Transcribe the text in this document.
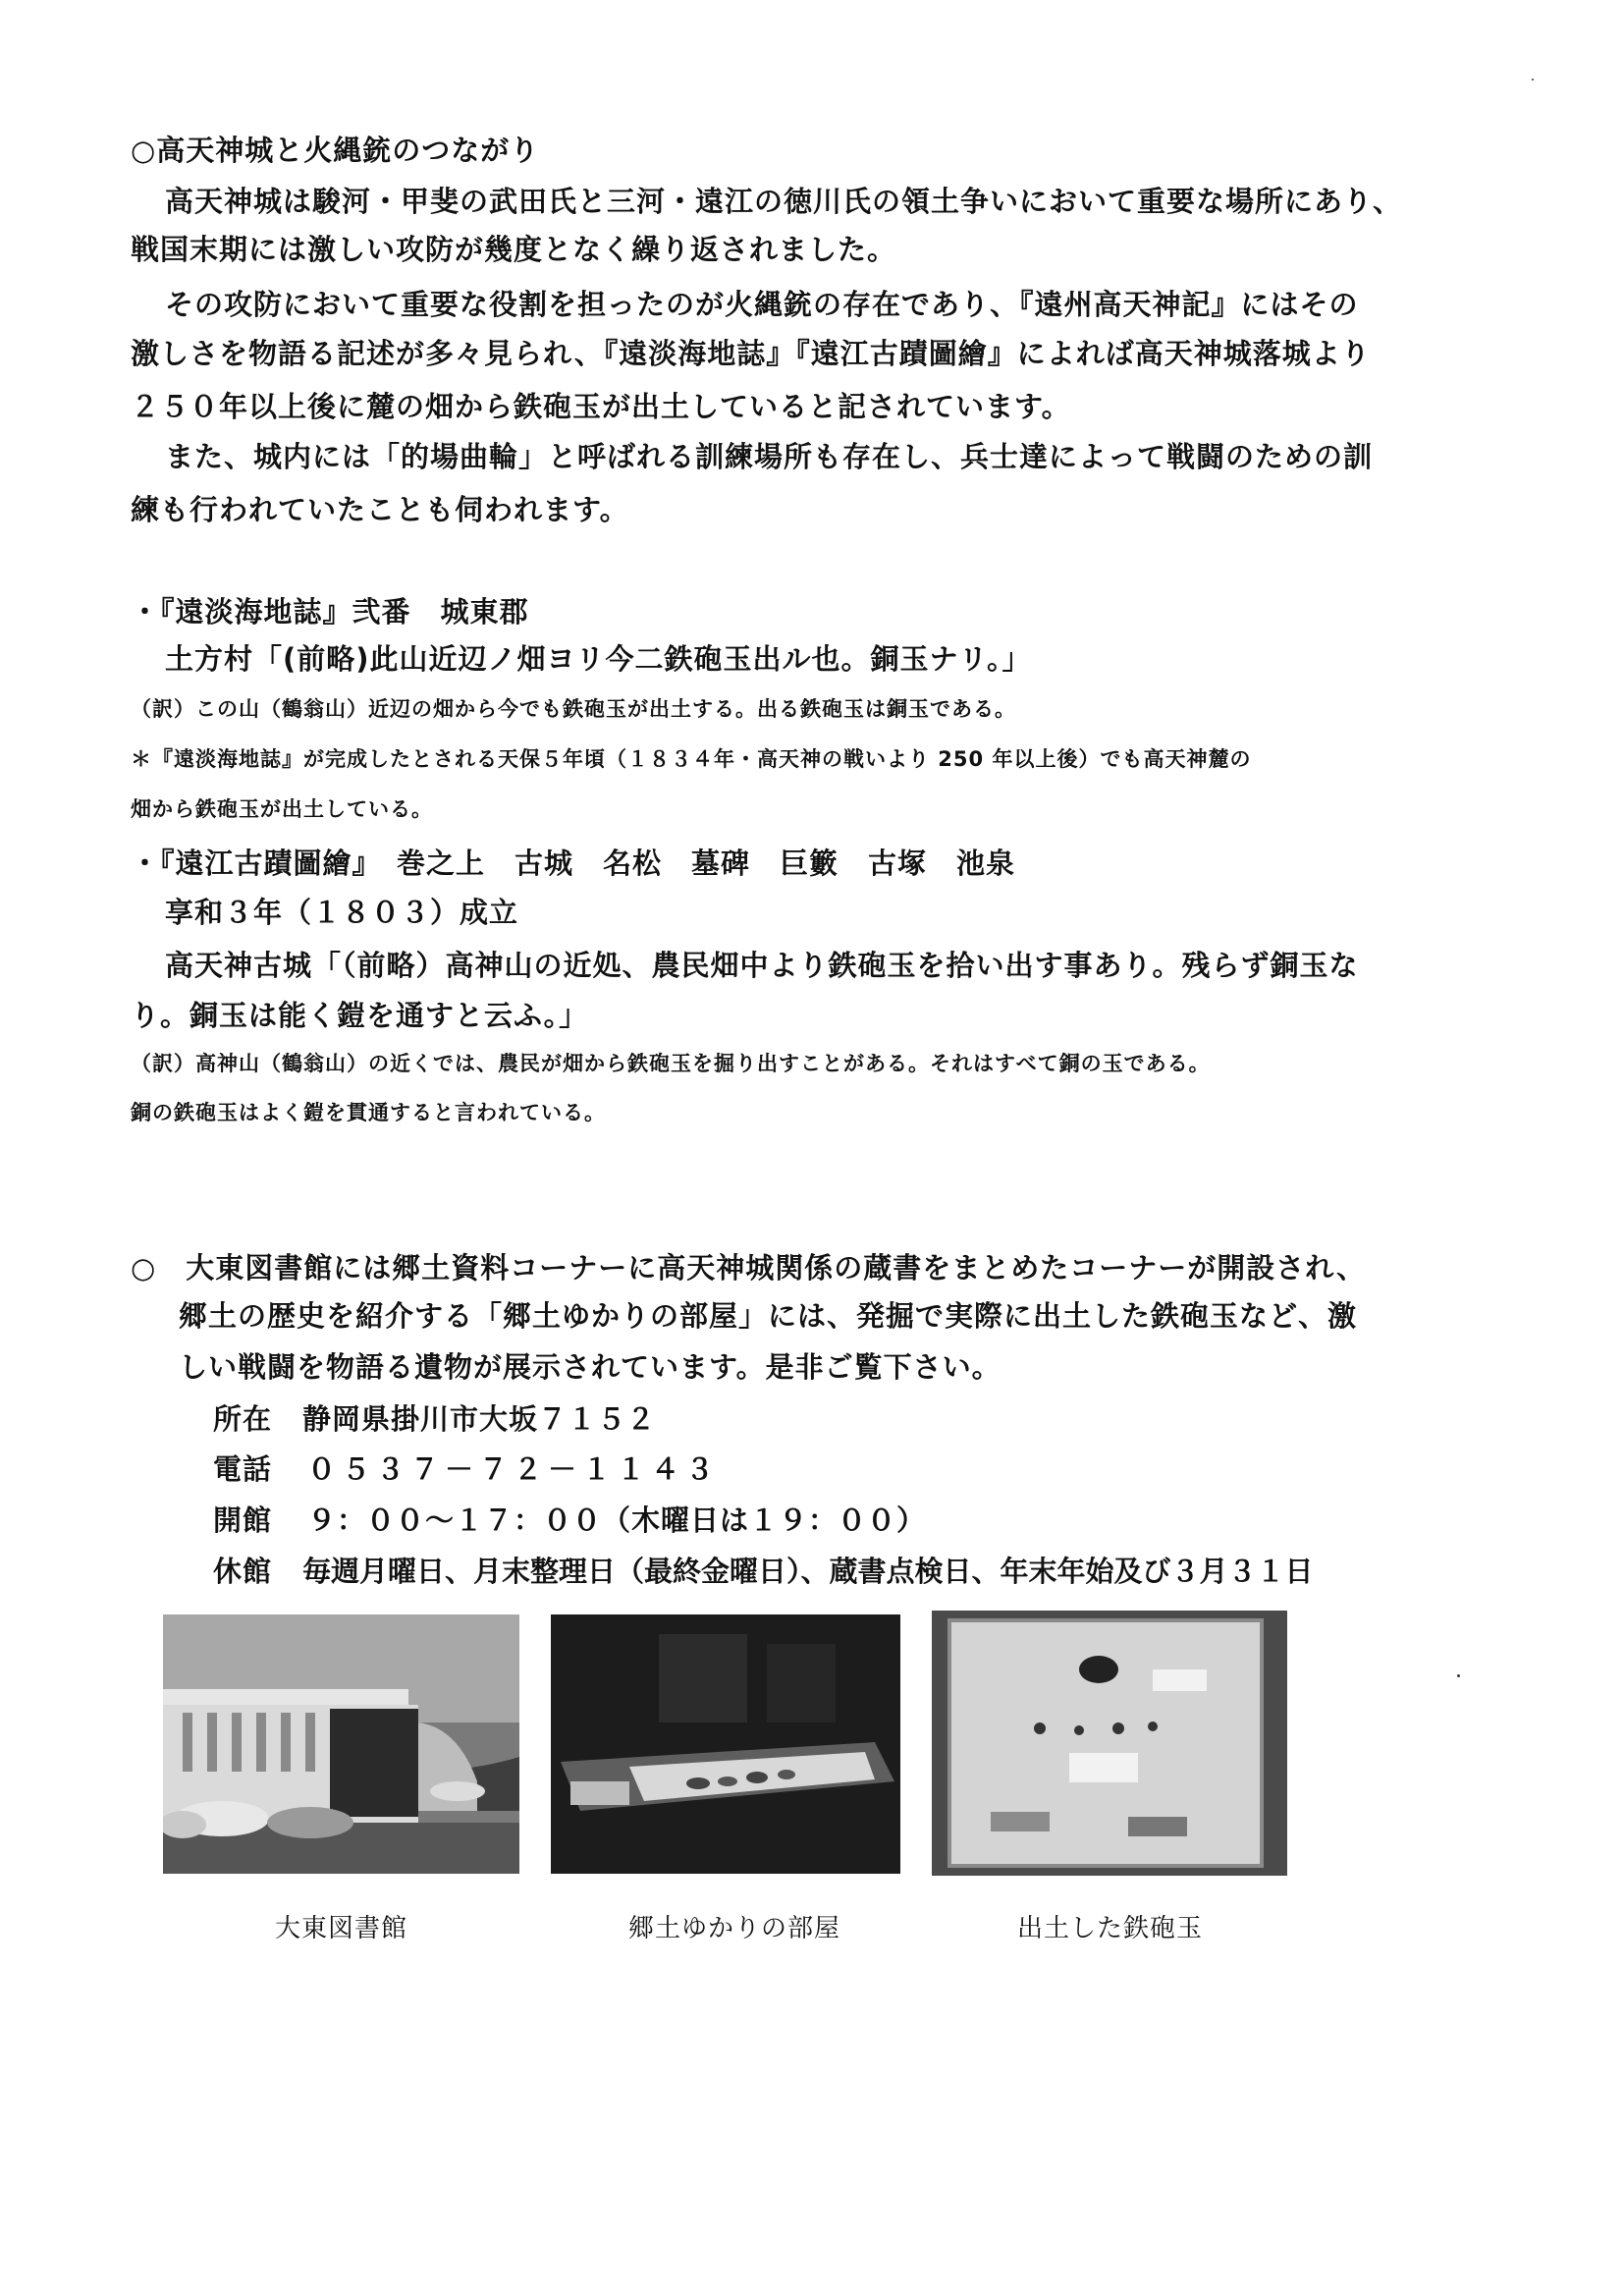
○高天神城と火縄銃のつながり
高天神城は駿河・甲斐の武田氏と三河・遠江の徳川氏の領土争いにおいて重要な場所にあり、
戦国末期には激しい攻防が幾度となく繰り返されました。
その攻防において重要な役割を担ったのが火縄銃の存在であり、『遠州高天神記』にはその
激しさを物語る記述が多々見られ、『遠淡海地誌』『遠江古蹟圖繪』によれば高天神城落城より
２５０年以上後に麓の畑から鉄砲玉が出土していると記されています。
また、城内には「的場曲輪」と呼ばれる訓練場所も存在し、兵士達によって戦闘のための訓
練も行われていたことも伺われます。
・『遠淡海地誌』弐番　城東郡
土方村「(前略)此山近辺ノ畑ヨリ今二鉄砲玉出ル也。銅玉ナリ。」
（訳）この山（鶴翁山）近辺の畑から今でも鉄砲玉が出土する。出る鉄砲玉は銅玉である。
＊『遠淡海地誌』が完成したとされる天保５年頃（１８３４年・高天神の戦いより 250 年以上後）でも高天神麓の
畑から鉄砲玉が出土している。
・『遠江古蹟圖繪』　巻之上　古城　名松　墓碑　巨籔　古塚　池泉
享和３年（１８０３）成立
高天神古城「（前略）高神山の近処、農民畑中より鉄砲玉を拾い出す事あり。残らず銅玉な
り。銅玉は能く鎧を通すと云ふ。」
（訳）高神山（鶴翁山）の近くでは、農民が畑から鉄砲玉を掘り出すことがある。それはすべて銅の玉である。
銅の鉄砲玉はよく鎧を貫通すると言われている。
○　大東図書館には郷土資料コーナーに高天神城関係の蔵書をまとめたコーナーが開設され、
郷土の歴史を紹介する「郷土ゆかりの部屋」には、発掘で実際に出土した鉄砲玉など、激
しい戦闘を物語る遺物が展示されています。是非ご覧下さい。
所在 静岡県掛川市大坂７１５２
電話 ０５３７－７２－１１４３
開館 ９：００～１７：００（木曜日は１９：００）
休館 毎週月曜日、月末整理日（最終金曜日）、蔵書点検日、年末年始及び３月３１日
大東図書館	郷土ゆかりの部屋	出土した鉄砲玉
